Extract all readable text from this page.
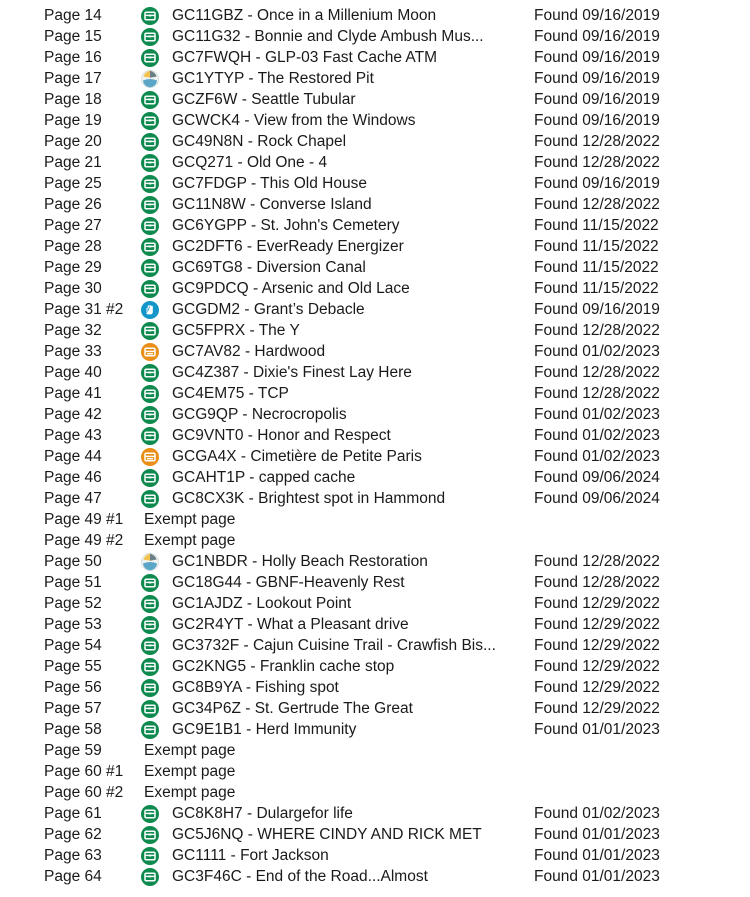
Page 14	GC11GBZ - Once in a Millenium Moon	Found 09/16/2019
Page 15	GC11G32 - Bonnie and Clyde Ambush Mus...	Found 09/16/2019
Page 16	GC7FWQH - GLP-03 Fast Cache ATM	Found 09/16/2019
Page 17	GC1YTYP - The Restored Pit	Found 09/16/2019
Page 18	GCZF6W - Seattle Tubular	Found 09/16/2019
Page 19	GCWCK4 - View from the Windows	Found 09/16/2019
Page 20	GC49N8N - Rock Chapel	Found 12/28/2022
Page 21	GCQ271 - Old One - 4	Found 12/28/2022
Page 25	GC7FDGP - This Old House	Found 09/16/2019
Page 26	GC11N8W - Converse Island	Found 12/28/2022
Page 27	GC6YGPP - St. John's Cemetery	Found 11/15/2022
Page 28	GC2DFT6 - EverReady Energizer	Found 11/15/2022
Page 29	GC69TG8 - Diversion Canal	Found 11/15/2022
Page 30	GC9PDCQ - Arsenic and Old Lace	Found 11/15/2022
Page 31 #2	GCGDM2 - Grant’s Debacle	Found 09/16/2019
Page 32	GC5FPRX - The Y	Found 12/28/2022
Page 33	GC7AV82 - Hardwood	Found 01/02/2023
Page 40	GC4Z387 - Dixie's Finest Lay Here	Found 12/28/2022
Page 41	GC4EM75 - TCP	Found 12/28/2022
Page 42	GCG9QP - Necrocropolis	Found 01/02/2023
Page 43	GC9VNT0 - Honor and Respect	Found 01/02/2023
Page 44	GCGA4X - Cimetière de Petite Paris	Found 01/02/2023
Page 46	GCAHT1P - capped cache	Found 09/06/2024
Page 47	GC8CX3K - Brightest spot in Hammond	Found 09/06/2024
Page 49 #1	Exempt page
Page 49 #2	Exempt page
Page 50	GC1NBDR - Holly Beach Restoration	Found 12/28/2022
Page 51	GC18G44 - GBNF-Heavenly Rest	Found 12/28/2022
Page 52	GC1AJDZ - Lookout Point	Found 12/29/2022
Page 53	GC2R4YT - What a Pleasant drive	Found 12/29/2022
Page 54	GC3732F - Cajun Cuisine Trail - Crawfish Bis...	Found 12/29/2022
Page 55	GC2KNG5 - Franklin cache stop	Found 12/29/2022
Page 56	GC8B9YA - Fishing spot	Found 12/29/2022
Page 57	GC34P6Z - St. Gertrude The Great	Found 12/29/2022
Page 58	GC9E1B1 - Herd Immunity	Found 01/01/2023
Page 59	Exempt page
Page 60 #1	Exempt page
Page 60 #2	Exempt page
Page 61	GC8K8H7 - Dulargefor life	Found 01/02/2023
Page 62	GC5J6NQ - WHERE CINDY AND RICK MET	Found 01/01/2023
Page 63	GC1111 - Fort Jackson	Found 01/01/2023
Page 64	GC3F46C - End of the Road...Almost	Found 01/01/2023
